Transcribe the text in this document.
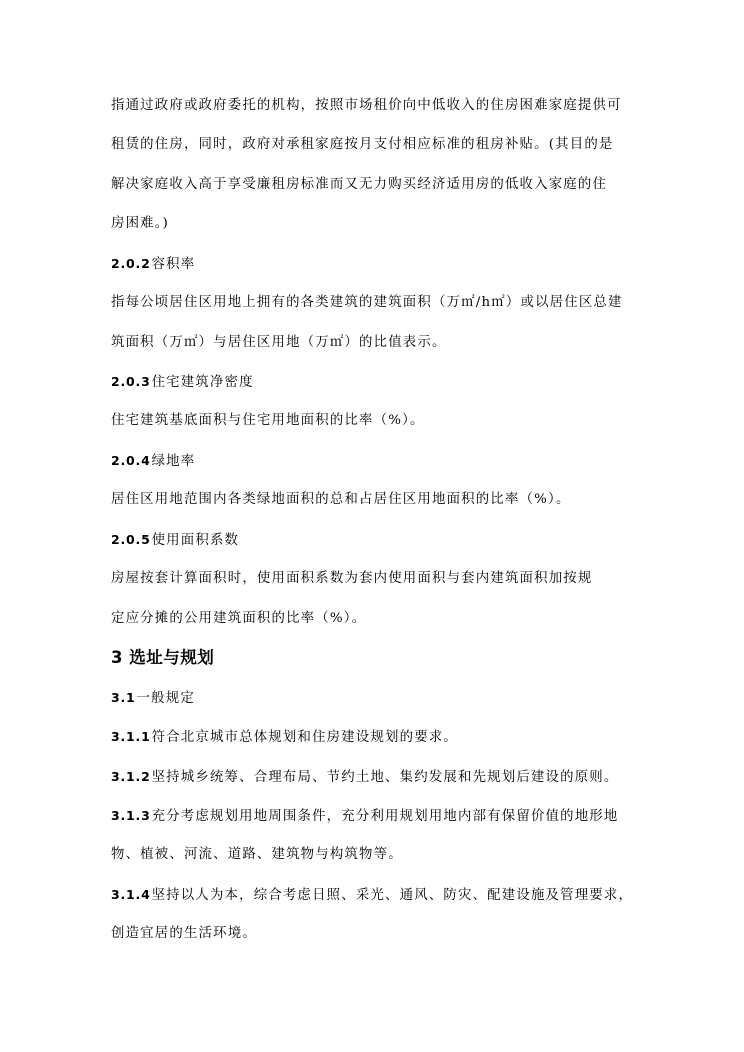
指通过政府或政府委托的机构，按照市场租价向中低收入的住房困难家庭提供可
租赁的住房，同时，政府对承租家庭按月支付相应标准的租房补贴。(其目的是
解决家庭收入高于享受廉租房标准而又无力购买经济适用房的低收入家庭的住
房困难。)
2.0.2容积率
指每公顷居住区用地上拥有的各类建筑的建筑面积（万㎡/h㎡）或以居住区总建
筑面积（万㎡）与居住区用地（万㎡）的比值表示。
2.0.3住宅建筑净密度
住宅建筑基底面积与住宅用地面积的比率（%）。
2.0.4绿地率
居住区用地范围内各类绿地面积的总和占居住区用地面积的比率（%）。
2.0.5使用面积系数
房屋按套计算面积时，使用面积系数为套内使用面积与套内建筑面积加按规
定应分摊的公用建筑面积的比率（%）。
3 选址与规划
3.1一般规定
3.1.1符合北京城市总体规划和住房建设规划的要求。
3.1.2坚持城乡统筹、合理布局、节约土地、集约发展和先规划后建设的原则。
3.1.3充分考虑规划用地周围条件，充分利用规划用地内部有保留价值的地形地
物、植被、河流、道路、建筑物与构筑物等。
3.1.4坚持以人为本，综合考虑日照、采光、通风、防灾、配建设施及管理要求，
创造宜居的生活环境。
